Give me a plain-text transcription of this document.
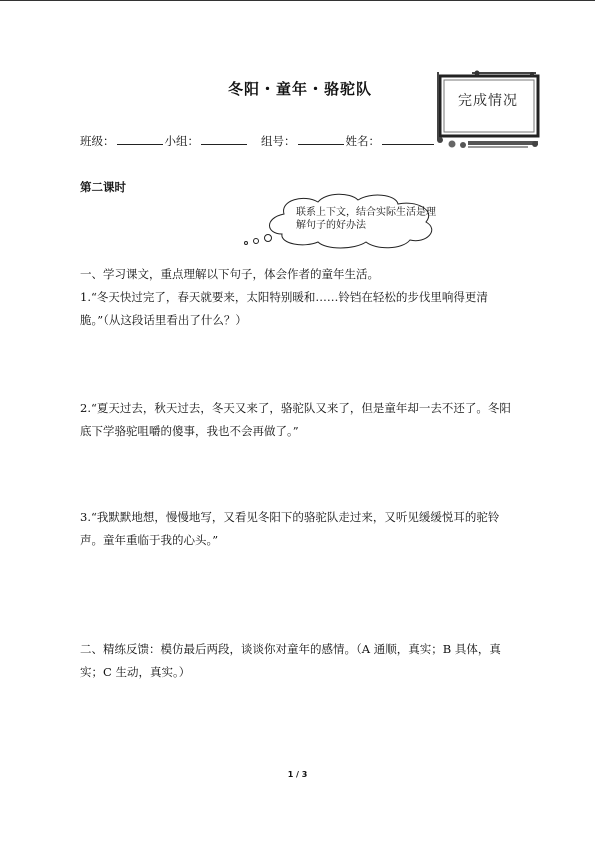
冬阳・童年・骆驼队
完成情况
班级：	小组：	组号：	姓名：
第二课时
联系上下文，结合实际生活是理解句子的好办法
一、学习课文，重点理解以下句子，体会作者的童年生活。
1.“冬天快过完了，春天就要来，太阳特别暖和……铃铛在轻松的步伐里响得更清脆。”（从这段话里看出了什么？）
2.“夏天过去，秋天过去，冬天又来了，骆驼队又来了，但是童年却一去不还了。冬阳底下学骆驼咀嚼的傻事，我也不会再做了。”
3.“我默默地想，慢慢地写，又看见冬阳下的骆驼队走过来，又听见缓缓悦耳的驼铃声。童年重临于我的心头。”
二、精练反馈：模仿最后两段，谈谈你对童年的感情。（A 通顺，真实；B 具体，真实；C 生动，真实。）
1 / 3
